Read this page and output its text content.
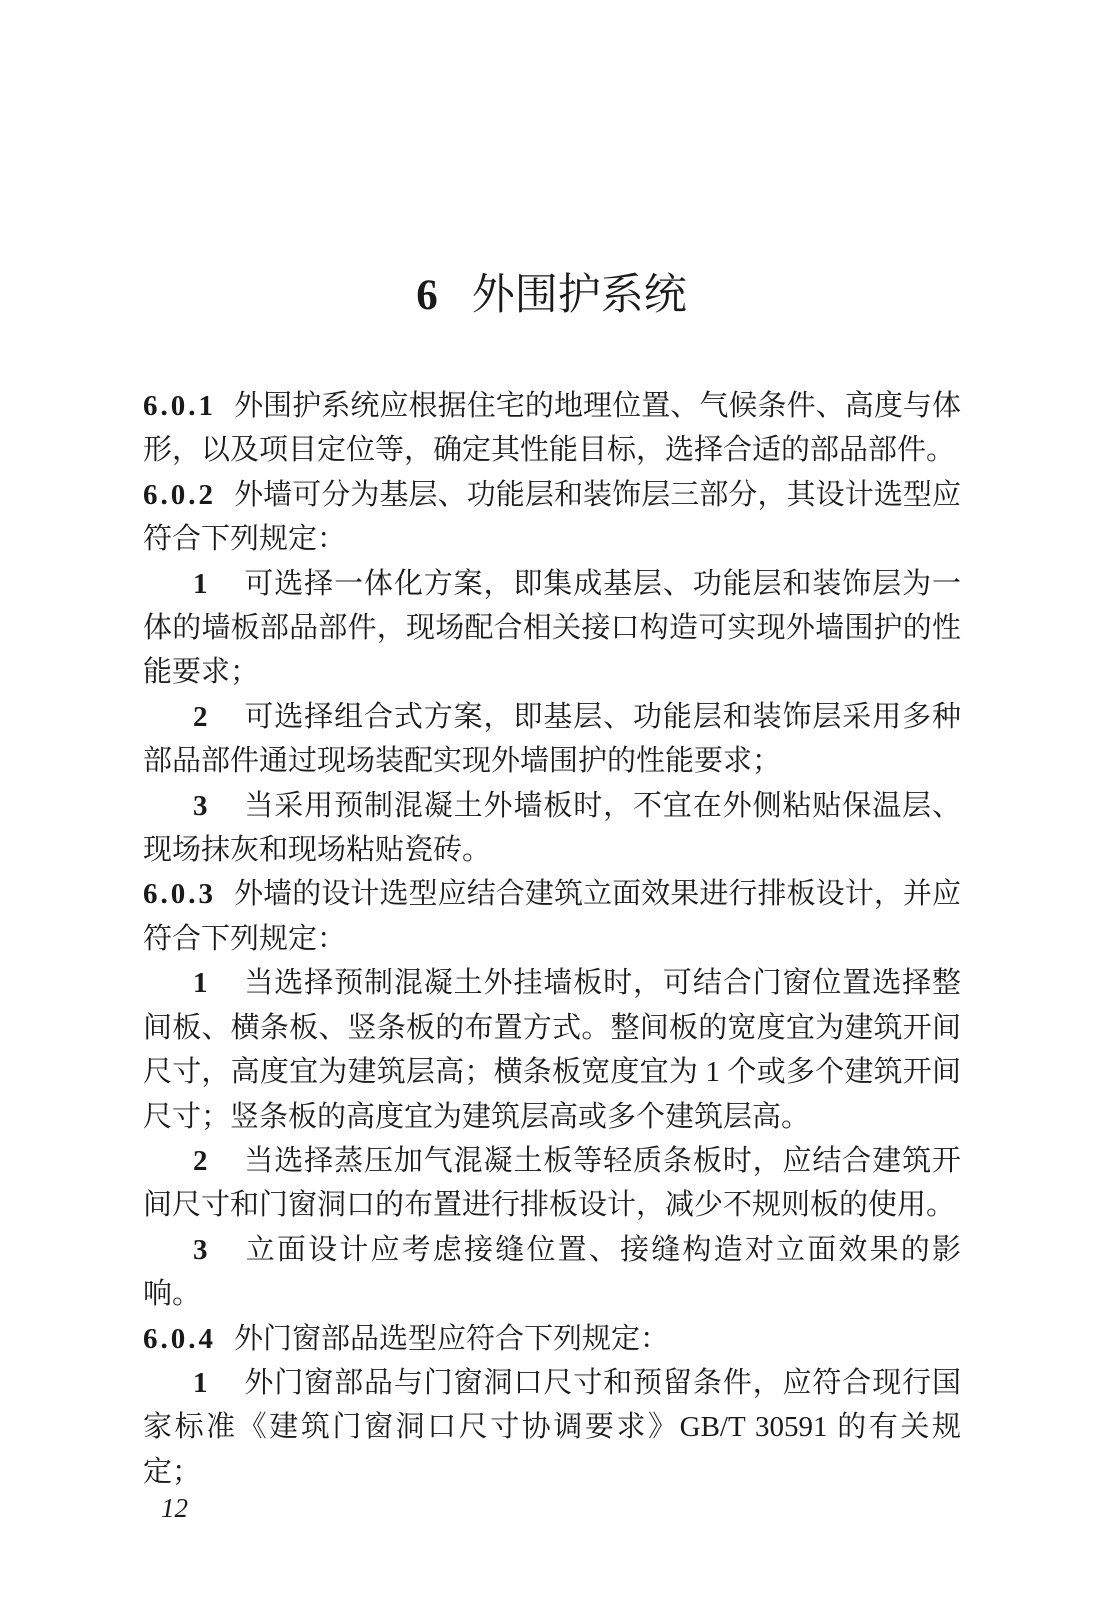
6 外围护系统

6.0.1 外围护系统应根据住宅的地理位置、气候条件、高度与体形，以及项目定位等，确定其性能目标，选择合适的部品部件。

6.0.2 外墙可分为基层、功能层和装饰层三部分，其设计选型应符合下列规定：

1 可选择一体化方案，即集成基层、功能层和装饰层为一体的墙板部品部件，现场配合相关接口构造可实现外墙围护的性能要求；

2 可选择组合式方案，即基层、功能层和装饰层采用多种部品部件通过现场装配实现外墙围护的性能要求；

3 当采用预制混凝土外墙板时，不宜在外侧粘贴保温层、现场抹灰和现场粘贴瓷砖。

6.0.3 外墙的设计选型应结合建筑立面效果进行排板设计，并应符合下列规定：

1 当选择预制混凝土外挂墙板时，可结合门窗位置选择整间板、横条板、竖条板的布置方式。整间板的宽度宜为建筑开间尺寸，高度宜为建筑层高；横条板宽度宜为 1 个或多个建筑开间尺寸；竖条板的高度宜为建筑层高或多个建筑层高。

2 当选择蒸压加气混凝土板等轻质条板时，应结合建筑开间尺寸和门窗洞口的布置进行排板设计，减少不规则板的使用。

3 立面设计应考虑接缝位置、接缝构造对立面效果的影响。

6.0.4 外门窗部品选型应符合下列规定：

1 外门窗部品与门窗洞口尺寸和预留条件，应符合现行国家标准《建筑门窗洞口尺寸协调要求》GB/T 30591 的有关规定；

12
